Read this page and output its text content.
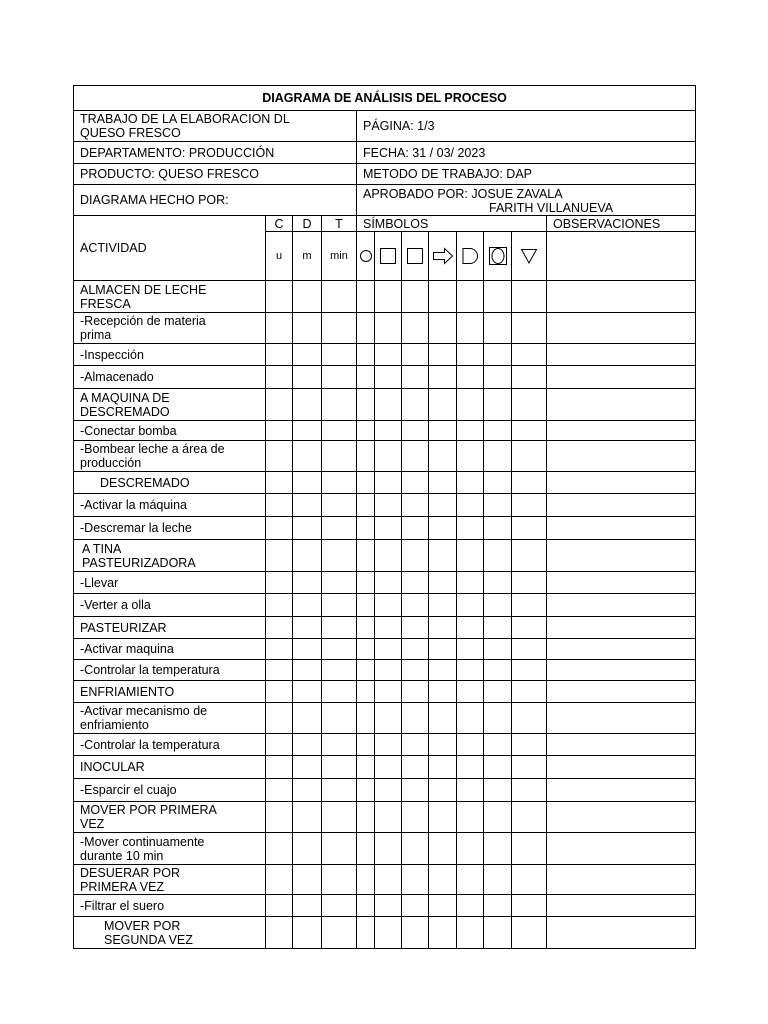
DIAGRAMA DE ANÁLISIS DEL PROCESO											
TRABAJO DE LA ELABORACION DL
QUESO FRESCO				PÁGINA: 1/3							
DEPARTAMENTO: PRODUCCIÓN				FECHA: 31 / 03/ 2023							
PRODUCTO: QUESO FRESCO				METODO DE TRABAJO: DAP							
DIAGRAMA HECHO POR:				APROBADO POR: JOSUE ZAVALA
FARITH VILLANUEVA							
ACTIVIDAD	C	D	T	SÍMBOLOS							OBSERVACIONES
	u	m	min	

ALMACEN DE LECHE
FRESCA											
-Recepción de materia
prima											
-Inspección											
-Almacenado											
A MAQUINA DE
DESCREMADO											
-Conectar bomba											
-Bombear leche a área de
producción											
DESCREMADO											
-Activar la máquina											
-Descremar la leche											
A TINA
PASTEURIZADORA											
-Llevar											
-Verter a olla											
PASTEURIZAR											
-Activar maquina											
-Controlar la temperatura											
ENFRIAMIENTO											
-Activar mecanismo de
enfriamiento											
-Controlar la temperatura											
INOCULAR											
-Esparcir el cuajo											
MOVER POR PRIMERA
VEZ											
-Mover continuamente
durante 10 min											
DESUERAR POR
PRIMERA VEZ											
-Filtrar el suero											
MOVER POR
SEGUNDA VEZ											
